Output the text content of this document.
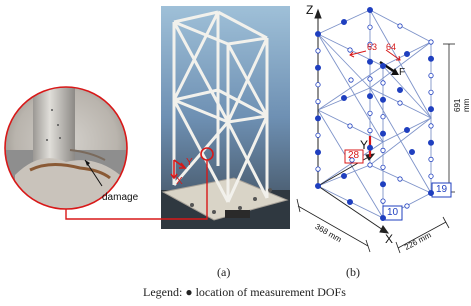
damage
Y
X
Z
Y
X
F
63 64
28
10
19
691 mm
368 mm	226 mm
(a)	(b)
Legend: ● location of measurement DOFs
